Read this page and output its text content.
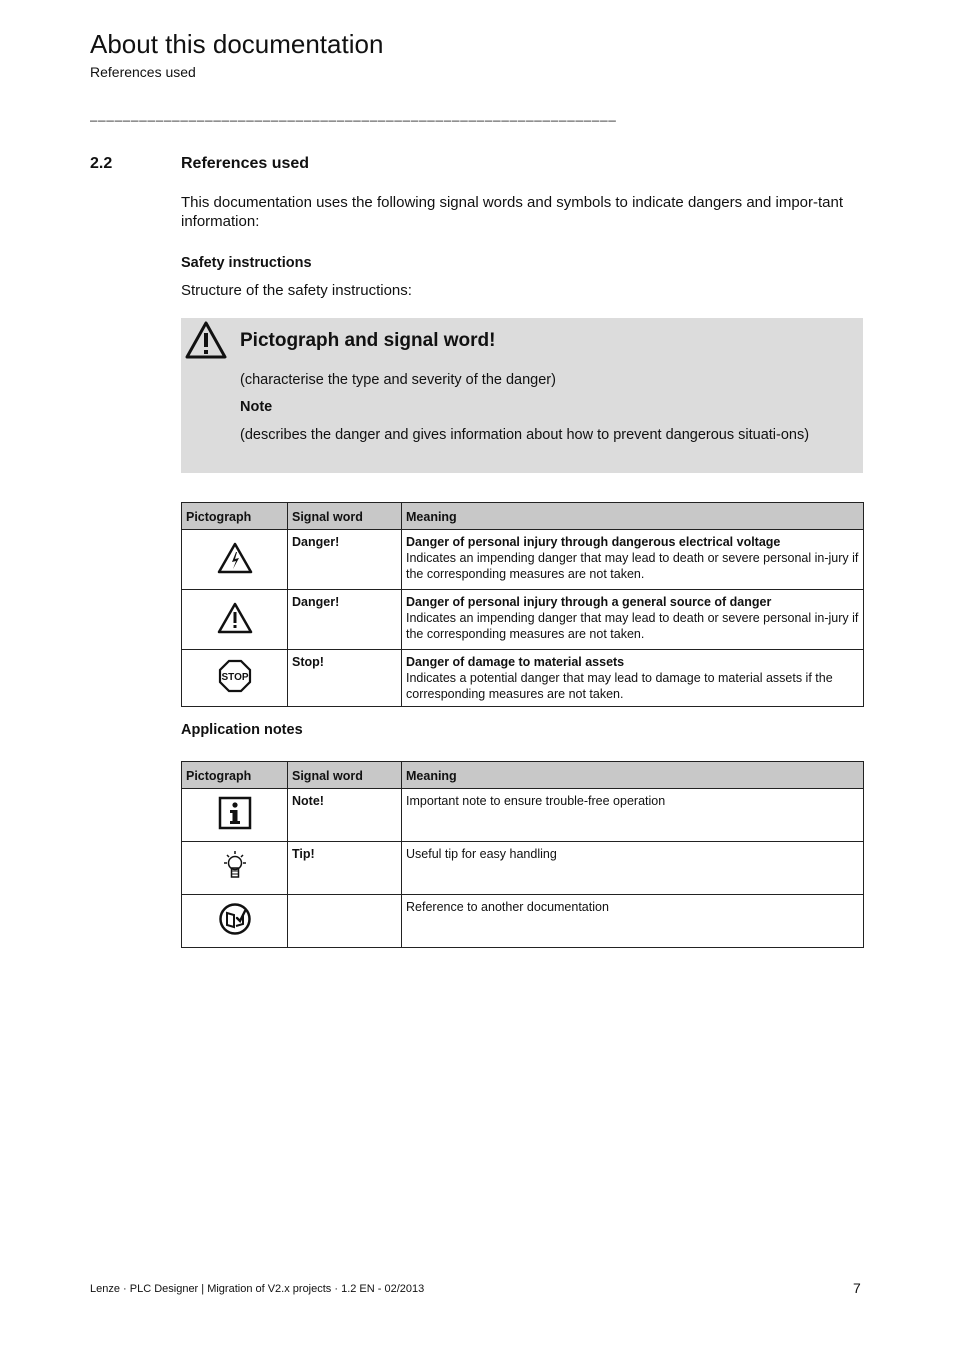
About this documentation
References used
________________________________________________________________
2.2	References used
This documentation uses the following signal words and symbols to indicate dangers and impor-tant information:
Safety instructions
Structure of the safety instructions:
Pictograph and signal word!
(characterise the type and severity of the danger)
Note
(describes the danger and gives information about how to prevent dangerous situati-ons)
Pictograph	Signal word	Meaning
	Danger!	Danger of personal injury through dangerous electrical voltage
Indicates an impending danger that may lead to death or severe personal in-jury if the corresponding measures are not taken.

	Danger!	Danger of personal injury through a general source of danger
Indicates an impending danger that may lead to death or severe personal in-jury if the corresponding measures are not taken.

STOP	Stop!	Danger of damage to material assets
Indicates a potential danger that may lead to damage to material assets if the corresponding measures are not taken.
Application notes
Pictograph	Signal word	Meaning
	Note!	Important note to ensure trouble-free operation
	Tip!	Useful tip for easy handling
		Reference to another documentation
Lenze · PLC Designer | Migration of V2.x projects · 1.2 EN - 02/2013	7
